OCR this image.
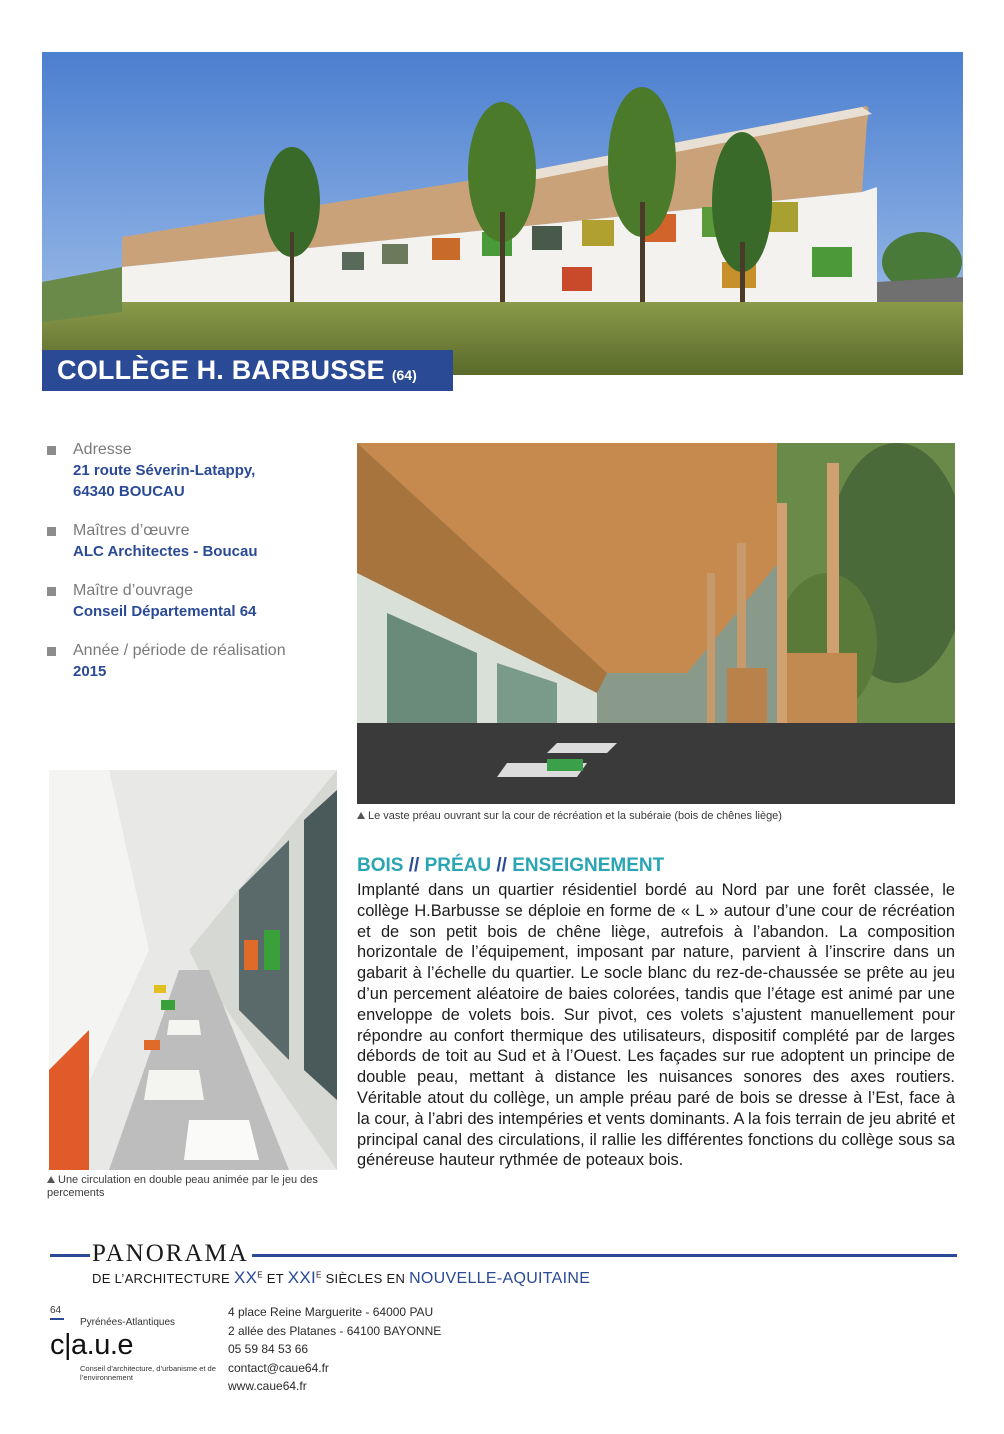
COLLÈGE H. BARBUSSE (64)
Adresse
21 route Séverin-Latappy,
64340 BOUCAU
Maîtres d’œuvre
ALC Architectes - Boucau
Maître d’ouvrage
Conseil Départemental 64
Année / période de réalisation
2015
Le vaste préau ouvrant sur la cour de récréation et la subéraie (bois de chênes liège)
Une circulation en double peau animée par le jeu des percements
BOIS // PRÉAU // ENSEIGNEMENT

Implanté dans un quartier résidentiel bordé au Nord par une forêt classée, le collège H.Barbusse se déploie en forme de « L » autour d’une cour de récréation et de son petit bois de chêne liège, autrefois à l’abandon. La composition horizontale de l’équipement, imposant par nature, parvient à l’inscrire dans un gabarit à l’échelle du quartier. Le socle blanc du rez-de-chaussée se prête au jeu d’un percement aléatoire de baies colorées, tandis que l’étage est animé par une enveloppe de volets bois. Sur pivot, ces volets s’ajustent manuellement pour répondre au confort thermique des utilisateurs, dispositif complété par de larges débords de toit au Sud et à l’Ouest. Les façades sur rue adoptent un principe de double peau, mettant à distance les nuisances sonores des axes routiers. Véritable atout du collège, un ample préau paré de bois se dresse à l’Est, face à la cour, à l’abri des intempéries et vents dominants. A la fois terrain de jeu abrité et principal canal des circulations, il rallie les différentes fonctions du collège sous sa généreuse hauteur rythmée de poteaux bois.

PANORAMA
DE L’ARCHITECTURE $XX^E$ ET $XXI^E$ SIÈCLES EN NOUVELLE-AQUITAINE
64
Pyrénées-Atlantiques
c|a.u.e
Conseil d’architecture, d’urbanisme et de l’environnement
4 place Reine Marguerite - 64000 PAU
2 allée des Platanes - 64100 BAYONNE
05 59 84 53 66
contact@caue64.fr
www.caue64.fr
